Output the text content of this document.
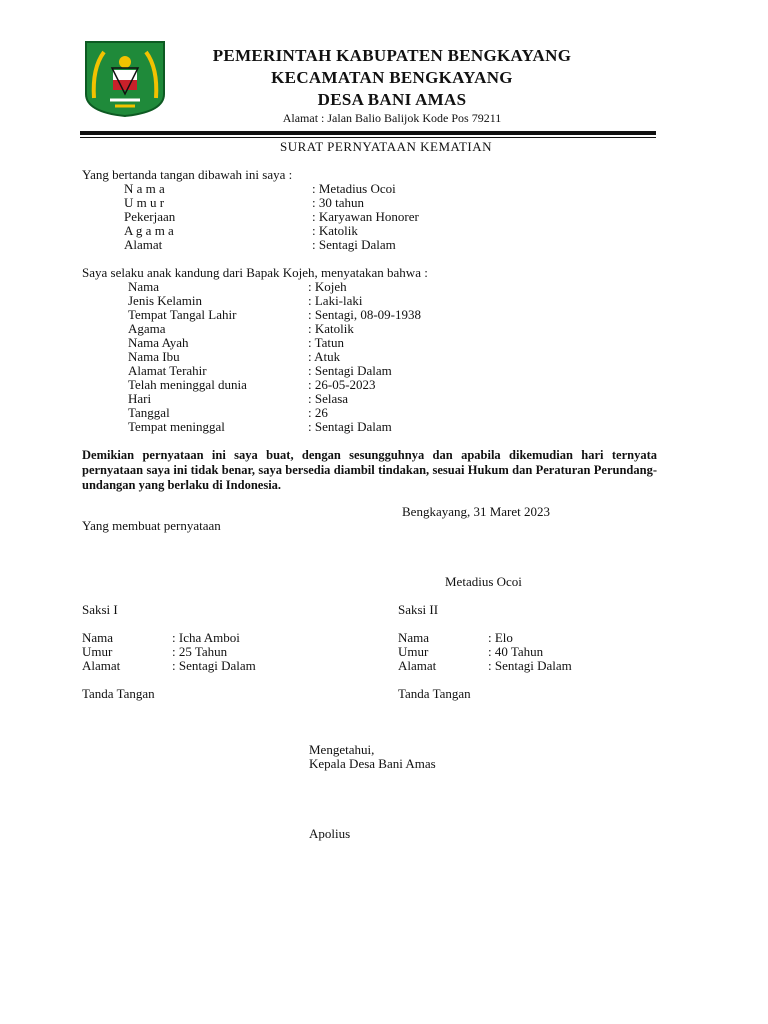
PEMERINTAH KABUPATEN BENGKAYANG
KECAMATAN BENGKAYANG
DESA BANI AMAS
Alamat : Jalan Balio Balijok Kode Pos 79211
SURAT PERNYATAAN KEMATIAN
Yang bertanda tangan dibawah ini saya :
N a m a	: Metadius Ocoi
U m u r	: 30 tahun
Pekerjaan	: Karyawan Honorer
A g a m a	: Katolik
Alamat	: Sentagi Dalam
Saya selaku anak kandung dari Bapak Kojeh, menyatakan bahwa :
Nama	: Kojeh
Jenis Kelamin	: Laki-laki
Tempat Tangal Lahir	: Sentagi, 08-09-1938
Agama	: Katolik
Nama Ayah	: Tatun
Nama Ibu	: Atuk
Alamat Terahir	: Sentagi Dalam
Telah meninggal dunia	: 26-05-2023
Hari	: Selasa
Tanggal	: 26
Tempat meninggal	: Sentagi Dalam
Demikian pernyataan ini saya buat, dengan sesungguhnya dan apabila dikemudian hari ternyata pernyataan saya ini tidak benar, saya bersedia diambil tindakan, sesuai Hukum dan Peraturan Perundang-undangan yang berlaku di Indonesia.
Bengkayang, 31 Maret 2023
Yang membuat pernyataan
Metadius Ocoi
Saksi I
Nama	: Icha Amboi
Umur	: 25 Tahun
Alamat	: Sentagi Dalam
Tanda Tangan
Saksi II
Nama	: Elo
Umur	: 40 Tahun
Alamat	: Sentagi Dalam
Tanda Tangan
Mengetahui,
Kepala Desa Bani Amas
Apolius
